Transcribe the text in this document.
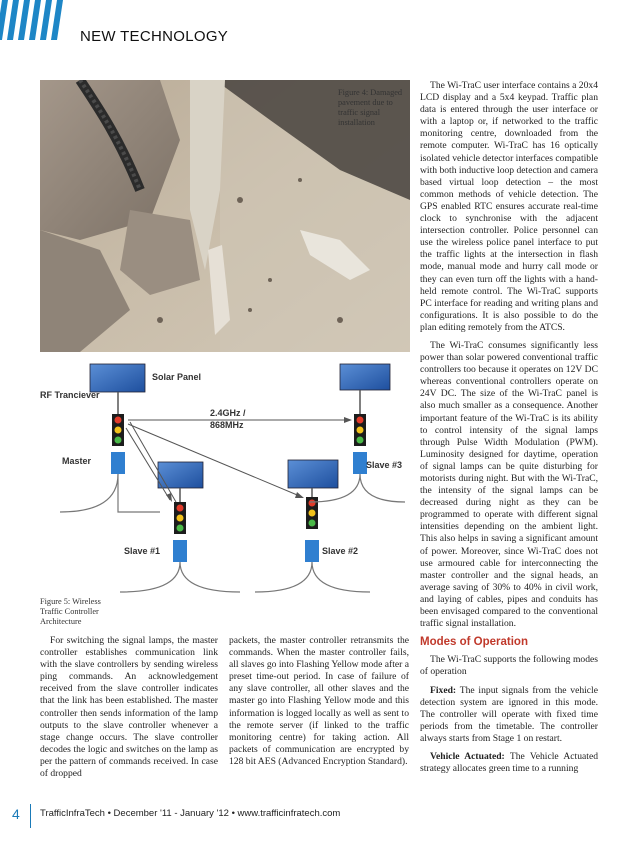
NEW TECHNOLOGY
Figure 4: Damaged pavement due to traffic signal installation
Solar Panel
RF Tranciever
2.4GHz /
868MHz
Master	Slave #3
Slave #1	Slave #2
Figure 5: Wireless Traffic Controller Architecture

For switching the signal lamps, the master controller establishes communication link with the slave controllers by sending wireless ping commands. An acknowledgement received from the slave controller indicates that the link has been established. The master controller then sends information of the lamp outputs to the slave controller whenever a stage change occurs. The slave controller decodes the logic and switches on the lamp as per the pattern of commands received. In case of dropped

packets, the master controller retransmits the commands. When the master controller fails, all slaves go into Flashing Yellow mode after a preset time-out period. In case of failure of any slave controller, all other slaves and the master go into Flashing Yellow mode and this information is logged locally as well as sent to the remote server (if linked to the traffic monitoring centre) for taking action. All packets of communication are encrypted by 128 bit AES (Advanced Encryption Standard).

The Wi-TraC user interface contains a 20x4 LCD display and a 5x4 keypad. Traffic plan data is entered through the user interface or with a laptop or, if networked to the traffic monitoring centre, downloaded from the remote computer. Wi-TraC has 16 optically isolated vehicle detector interfaces compatible with both inductive loop detection and camera based virtual loop detection – the most common methods of vehicle detection. The GPS enabled RTC ensures accurate real-time clock to synchronise with the adjacent intersection controller. Police personnel can use the wireless police panel interface to put the traffic lights at the intersection in flash mode, manual mode and hurry call mode or they can even turn off the lights with a hand-held remote control. The Wi-TraC supports PC interface for reading and writing plans and configurations. It is also possible to do the plan editing remotely from the ATCS.

The Wi-TraC consumes significantly less power than solar powered conventional traffic controllers too because it operates on 12V DC whereas conventional controllers operate on 24V DC. The size of the Wi-TraC panel is also much smaller as a consequence. Another important feature of the Wi-TraC is its ability to control intensity of the signal lamps through Pulse Width Modulation (PWM). Luminosity designed for daytime, operation of signal lamps can be quite disturbing for motorists during night. But with the Wi-TraC, the intensity of the signal lamps can be decreased during night as they can be programmed to operate with different signal intensities depending on the ambient light. This also helps in saving a significant amount of power. Moreover, since Wi-TraC does not use armoured cable for interconnecting the master controller and the signal heads, an average saving of 30% to 40% in civil work, and laying of cables, pipes and conduits has been envisaged compared to the conventional traffic signal installation.

Modes of Operation

The Wi-TraC supports the following modes of operation

Fixed: The input signals from the vehicle detection system are ignored in this mode. The controller will operate with fixed time periods from the timetable. The controller always starts from Stage 1 on restart.

Vehicle Actuated: The Vehicle Actuated strategy allocates green time to a running

4 TrafficInfraTech • December '11 - January '12 • www.trafficinfratech.com
